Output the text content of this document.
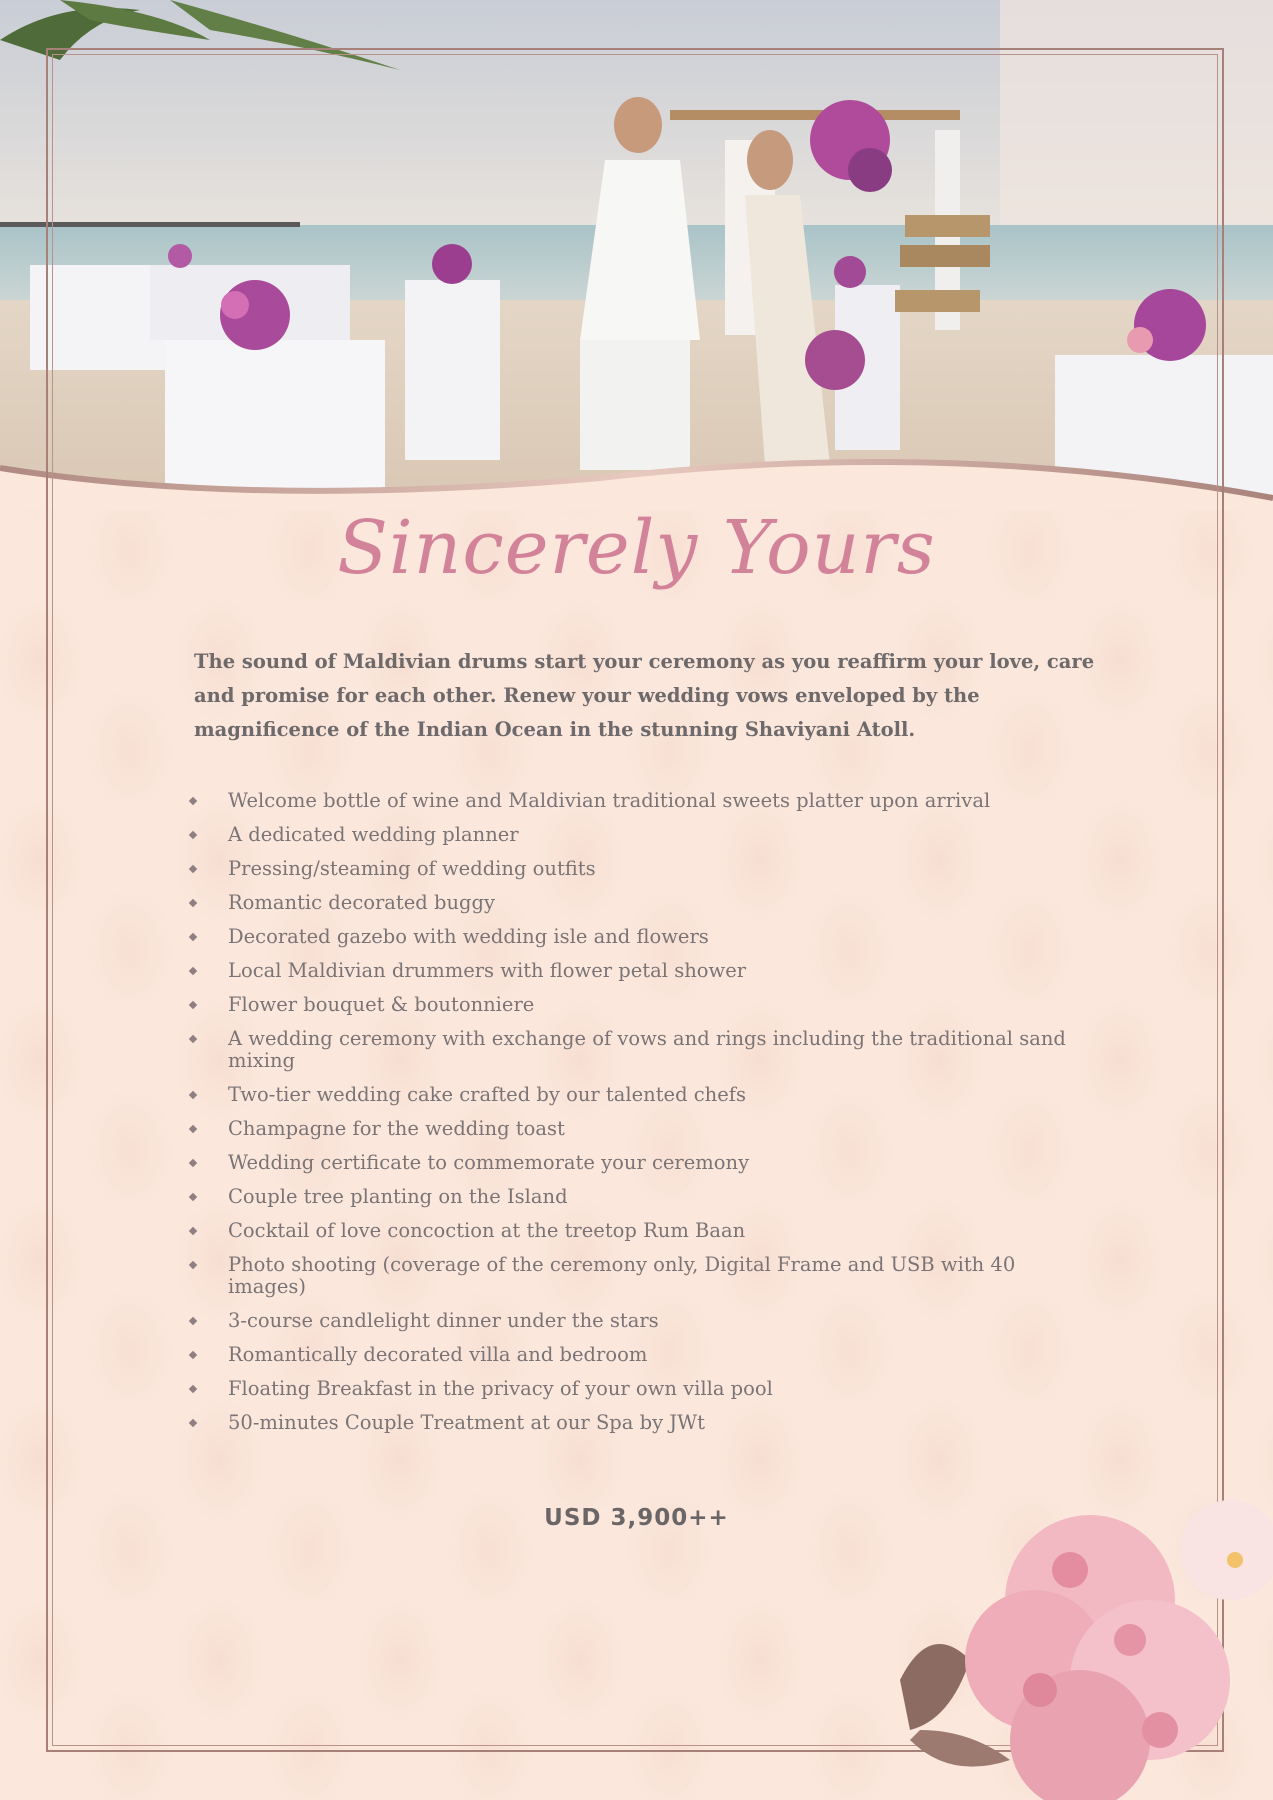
Sincerely Yours
The sound of Maldivian drums start your ceremony as you reaffirm your love, care and promise for each other. Renew your wedding vows enveloped by the magnificence of the Indian Ocean in the stunning Shaviyani Atoll.
Welcome bottle of wine and Maldivian traditional sweets platter upon arrival
A dedicated wedding planner
Pressing/steaming of wedding outfits
Romantic decorated buggy
Decorated gazebo with wedding isle and flowers
Local Maldivian drummers with flower petal shower
Flower bouquet & boutonniere
A wedding ceremony with exchange of vows and rings including the traditional sand mixing
Two-tier wedding cake crafted by our talented chefs
Champagne for the wedding toast
Wedding certificate to commemorate your ceremony
Couple tree planting on the Island
Cocktail of love concoction at the treetop Rum Baan
Photo shooting (coverage of the ceremony only, Digital Frame and USB with 40 images)
3-course candlelight dinner under the stars
Romantically decorated villa and bedroom
Floating Breakfast in the privacy of your own villa pool
50-minutes Couple Treatment at our Spa by JWt
USD 3,900++
